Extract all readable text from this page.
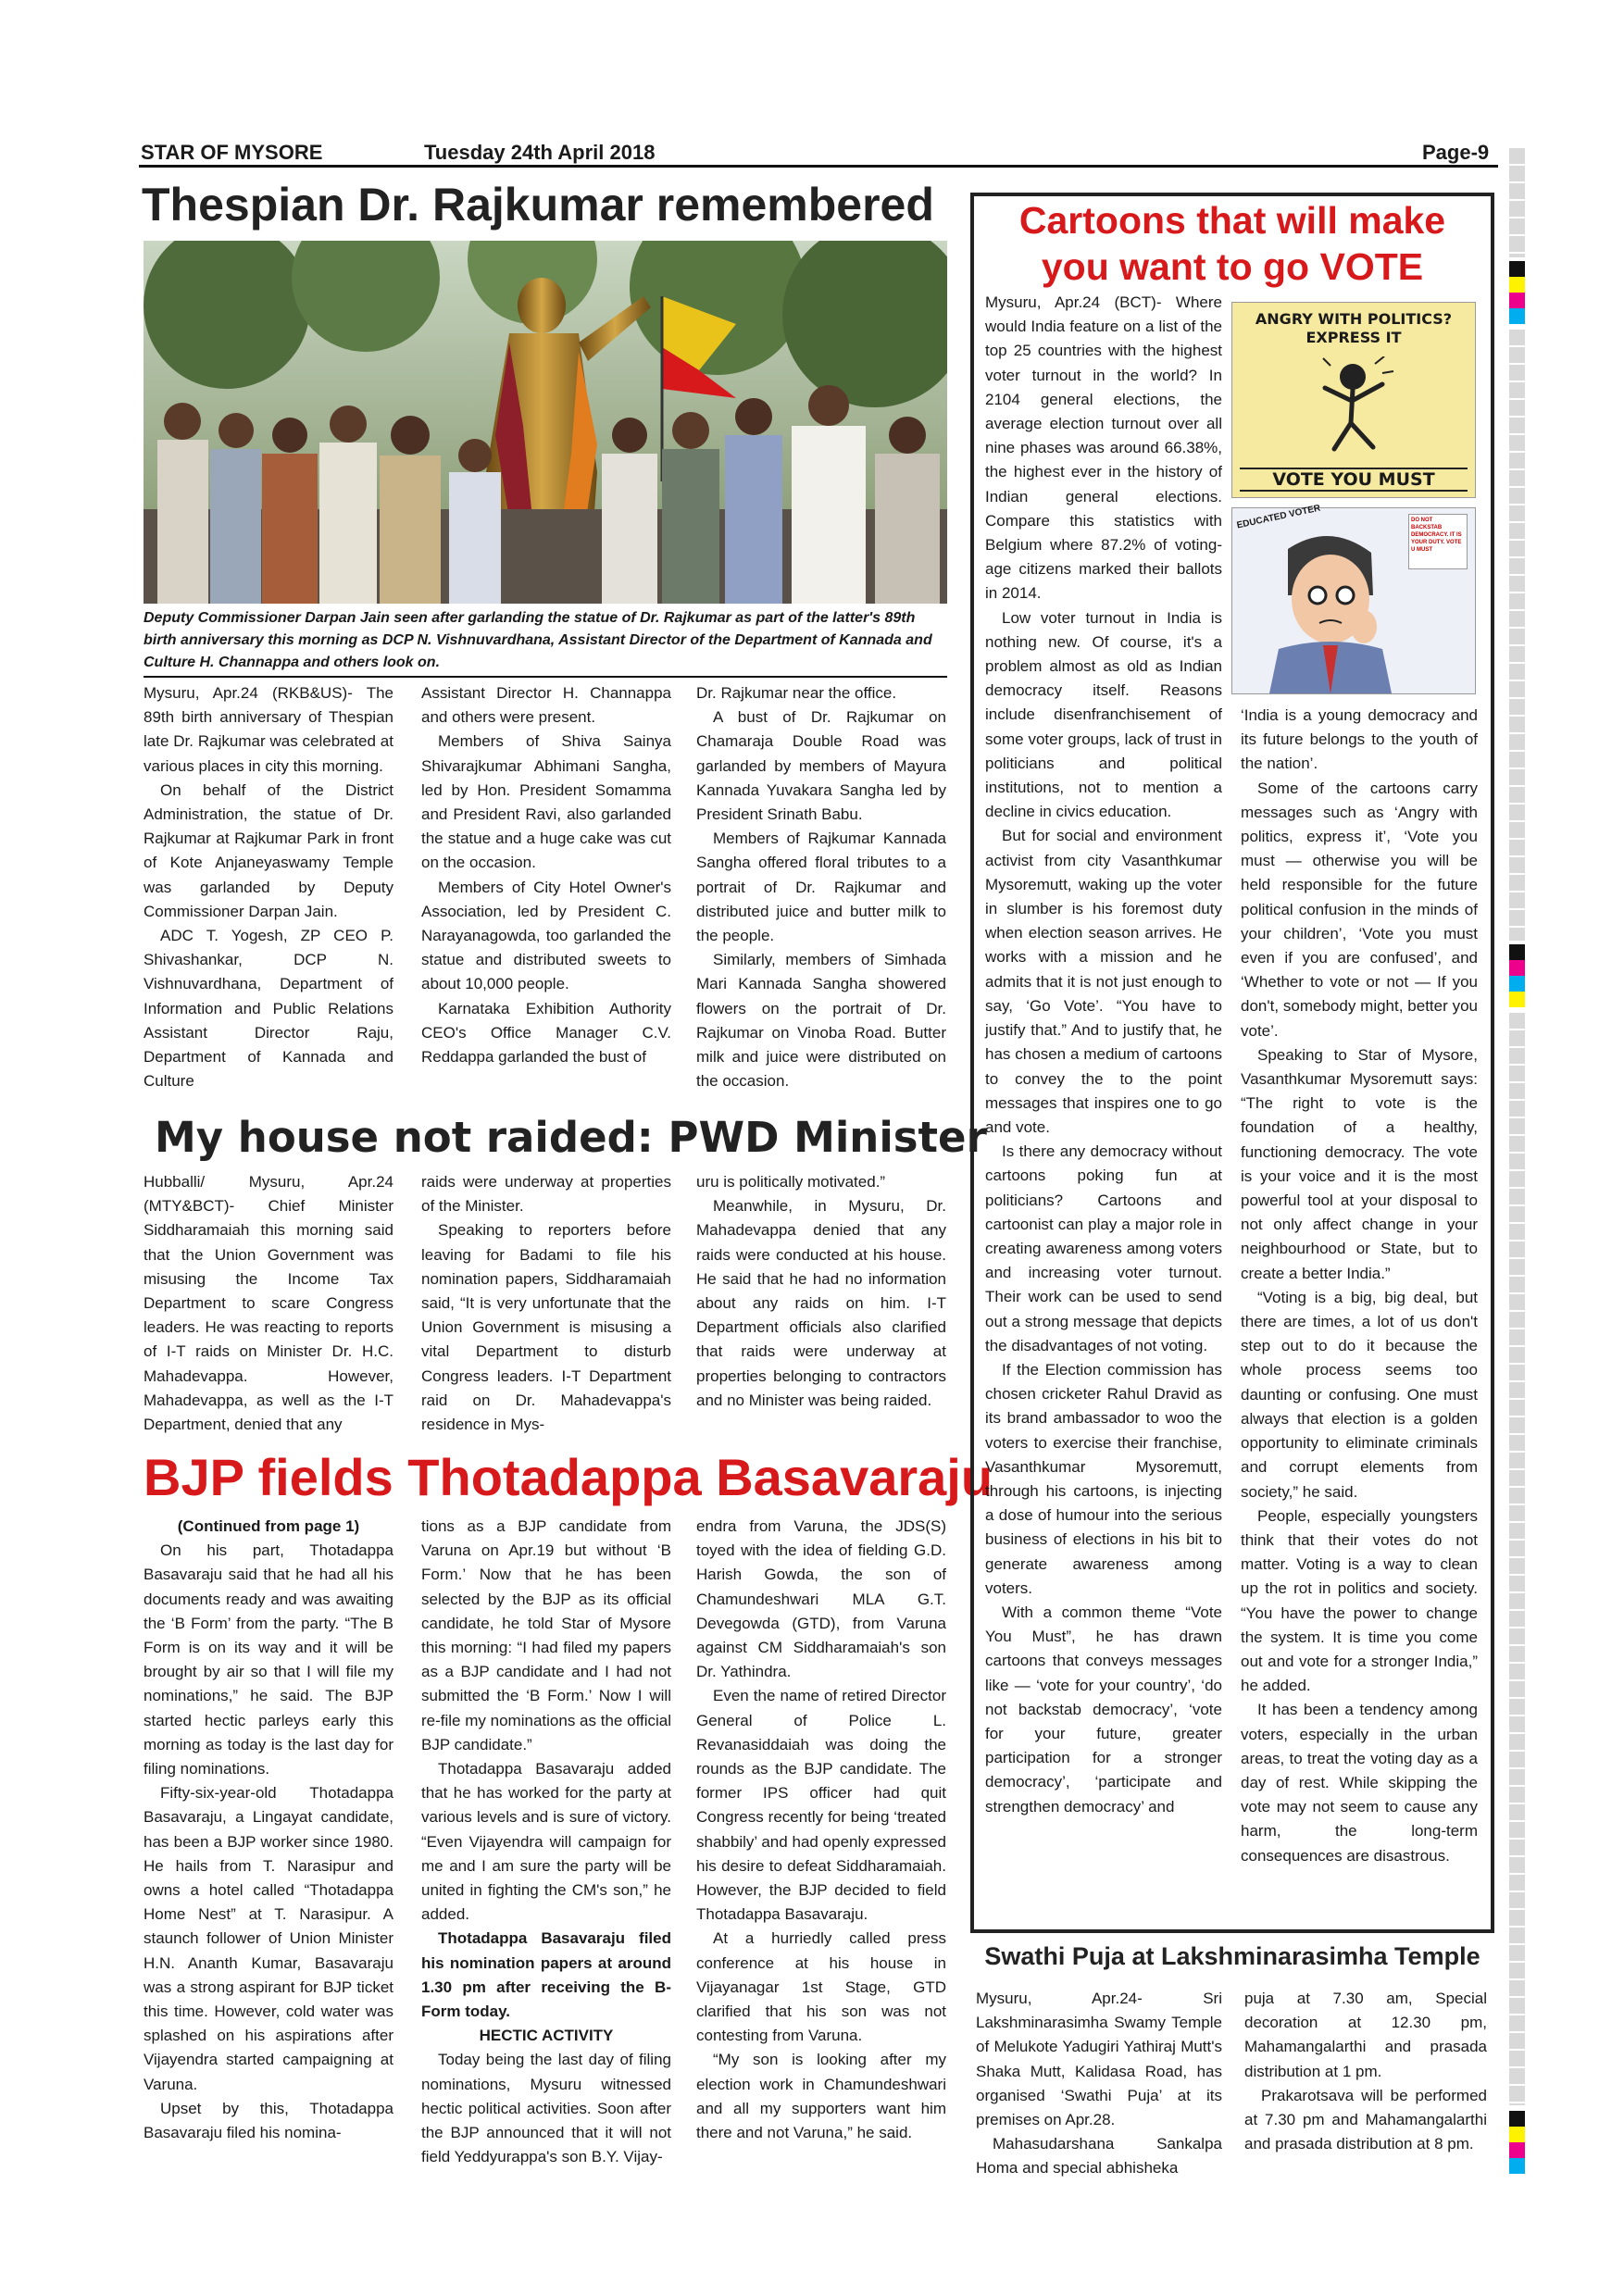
STAR OF MYSORE	Tuesday 24th April 2018	Page-9
Thespian Dr. Rajkumar remembered
Deputy Commissioner Darpan Jain seen after garlanding the statue of Dr. Rajkumar as part of the latter's 89th birth anniversary this morning as DCP N. Vishnuvardhana, Assistant Director of the Department of Kannada and Culture H. Channappa and others look on.

Mysuru, Apr.24 (RKB&US)- The 89th birth anniversary of Thespian late Dr. Rajkumar was celebrated at various places in city this morning.

On behalf of the District Administration, the statue of Dr. Rajkumar at Rajkumar Park in front of Kote Anjaneyaswamy Temple was garlanded by Deputy Commissioner Darpan Jain.

ADC T. Yogesh, ZP CEO P. Shivashankar, DCP N. Vishnuvardhana, Department of Information and Public Relations Assistant Director Raju, Department of Kannada and Culture

Assistant Director H. Channappa and others were present.

Members of Shiva Sainya Shivarajkumar Abhimani Sangha, led by Hon. President Somamma and President Ravi, also garlanded the statue and a huge cake was cut on the occasion.

Members of City Hotel Owner's Association, led by President C. Narayanagowda, too garlanded the statue and distributed sweets to about 10,000 people.

Karnataka Exhibition Authority CEO's Office Manager C.V. Reddappa garlanded the bust of

Dr. Rajkumar near the office.

A bust of Dr. Rajkumar on Chamaraja Double Road was garlanded by members of Mayura Kannada Yuvakara Sangha led by President Srinath Babu.

Members of Rajkumar Kannada Sangha offered floral tributes to a portrait of Dr. Rajkumar and distributed juice and butter milk to the people.

Similarly, members of Simhada Mari Kannada Sangha showered flowers on the portrait of Dr. Rajkumar on Vinoba Road. Butter milk and juice were distributed on the occasion.

My house not raided: PWD Minister

Hubballi/ Mysuru, Apr.24 (MTY&BCT)- Chief Minister Siddharamaiah this morning said that the Union Government was misusing the Income Tax Department to scare Congress leaders. He was reacting to reports of I-T raids on Minister Dr. H.C. Mahadevappa. However, Mahadevappa, as well as the I-T Department, denied that any

raids were underway at properties of the Minister.

Speaking to reporters before leaving for Badami to file his nomination papers, Siddharamaiah said, “It is very unfortunate that the Union Government is misusing a vital Department to disturb Congress leaders. I-T Department raid on Dr. Mahadevappa's residence in Mys-

uru is politically motivated.”

Meanwhile, in Mysuru, Dr. Mahadevappa denied that any raids were conducted at his house. He said that he had no information about any raids on him. I-T Department officials also clarified that raids were underway at properties belonging to contractors and no Minister was being raided.

BJP fields Thotadappa Basavaraju

(Continued from page 1)

On his part, Thotadappa Basavaraju said that he had all his documents ready and was awaiting the ‘B Form’ from the party. “The B Form is on its way and it will be brought by air so that I will file my nominations,” he said. The BJP started hectic parleys early this morning as today is the last day for filing nominations.

Fifty-six-year-old Thotadappa Basavaraju, a Lingayat candidate, has been a BJP worker since 1980. He hails from T. Narasipur and owns a hotel called “Thotadappa Home Nest” at T. Narasipur. A staunch follower of Union Minister H.N. Ananth Kumar, Basavaraju was a strong aspirant for BJP ticket this time. However, cold water was splashed on his aspirations after Vijayendra started campaigning at Varuna.

Upset by this, Thotadappa Basavaraju filed his nomina-

tions as a BJP candidate from Varuna on Apr.19 but without ‘B Form.’ Now that he has been selected by the BJP as its official candidate, he told Star of Mysore this morning: “I had filed my papers as a BJP candidate and I had not submitted the ‘B Form.’ Now I will re-file my nominations as the official BJP candidate.”

Thotadappa Basavaraju added that he has worked for the party at various levels and is sure of victory. “Even Vijayendra will campaign for me and I am sure the party will be united in fighting the CM's son,” he added.

Thotadappa Basavaraju filed his nomination papers at around 1.30 pm after receiving the B-Form today.

HECTIC ACTIVITY

Today being the last day of filing nominations, Mysuru witnessed hectic political activities. Soon after the BJP announced that it will not field Yeddyurappa's son B.Y. Vijay-

endra from Varuna, the JDS(S) toyed with the idea of fielding G.D. Harish Gowda, the son of Chamundeshwari MLA G.T. Devegowda (GTD), from Varuna against CM Siddharamaiah's son Dr. Yathindra.

Even the name of retired Director General of Police L. Revanasiddaiah was doing the rounds as the BJP candidate. The former IPS officer had quit Congress recently for being ‘treated shabbily’ and had openly expressed his desire to defeat Siddharamaiah. However, the BJP decided to field Thotadappa Basavaraju.

At a hurriedly called press conference at his house in Vijayanagar 1st Stage, GTD clarified that his son was not contesting from Varuna.

“My son is looking after my election work in Chamundeshwari and all my supporters want him there and not Varuna,” he said.

Cartoons that will make
you want to go VOTE
ANGRY WITH POLITICS? EXPRESS IT
VOTE YOU MUST
EDUCATED VOTER	DO NOT BACKSTAB DEMOCRACY. IT IS YOUR DUTY. VOTE U MUST

Mysuru, Apr.24 (BCT)- Where would India feature on a list of the top 25 countries with the highest voter turnout in the world? In 2104 general elections, the average election turnout over all nine phases was around 66.38%, the highest ever in the history of Indian general elections. Compare this statistics with Belgium where 87.2% of voting-age citizens marked their ballots in 2014.

Low voter turnout in India is nothing new. Of course, it's a problem almost as old as Indian democracy itself. Reasons include disenfranchisement of some voter groups, lack of trust in politicians and political institutions, not to mention a decline in civics education.

But for social and environment activist from city Vasanthkumar Mysoremutt, waking up the voter in slumber is his foremost duty when election season arrives. He works with a mission and he admits that it is not just enough to say, ‘Go Vote’. “You have to justify that.” And to justify that, he has chosen a medium of cartoons to convey the to the point messages that inspires one to go and vote.

Is there any democracy without cartoons poking fun at politicians? Cartoons and cartoonist can play a major role in creating awareness among voters and increasing voter turnout. Their work can be used to send out a strong message that depicts the disadvantages of not voting.

If the Election commission has chosen cricketer Rahul Dravid as its brand ambassador to woo the voters to exercise their franchise, Vasanthkumar Mysoremutt, through his cartoons, is injecting a dose of humour into the serious business of elections in his bit to generate awareness among voters.

With a common theme “Vote You Must”, he has drawn cartoons that conveys messages like — ‘vote for your country’, ‘do not backstab democracy’, ‘vote for your future, greater participation for a stronger democracy’, ‘participate and strengthen democracy’ and

‘India is a young democracy and its future belongs to the youth of the nation’.

Some of the cartoons carry messages such as ‘Angry with politics, express it’, ‘Vote you must — otherwise you will be held responsible for the future political confusion in the minds of your children’, ‘Vote you must even if you are confused’, and ‘Whether to vote or not — If you don't, somebody might, better you vote’.

Speaking to Star of Mysore, Vasanthkumar Mysoremutt says: “The right to vote is the foundation of a healthy, functioning democracy. The vote is your voice and it is the most powerful tool at your disposal to not only affect change in your neighbourhood or State, but to create a better India.”

“Voting is a big, big deal, but there are times, a lot of us don't step out to do it because the whole process seems too daunting or confusing. One must always that election is a golden opportunity to eliminate criminals and corrupt elements from society,” he said.

People, especially youngsters think that their votes do not matter. Voting is a way to clean up the rot in politics and society. “You have the power to change the system. It is time you come out and vote for a stronger India,” he added.

It has been a tendency among voters, especially in the urban areas, to treat the voting day as a day of rest. While skipping the vote may not seem to cause any harm, the long-term consequences are disastrous.

Swathi Puja at Lakshminarasimha Temple

Mysuru, Apr.24- Sri Lakshminarasimha Swamy Temple of Melukote Yadugiri Yathiraj Mutt's Shaka Mutt, Kalidasa Road, has organised ‘Swathi Puja’ at its premises on Apr.28.

Mahasudarshana Sankalpa Homa and special abhisheka

puja at 7.30 am, Special decoration at 12.30 pm, Mahamangalarthi and prasada distribution at 1 pm.

Prakarotsava will be performed at 7.30 pm and Mahamangalarthi and prasada distribution at 8 pm.
